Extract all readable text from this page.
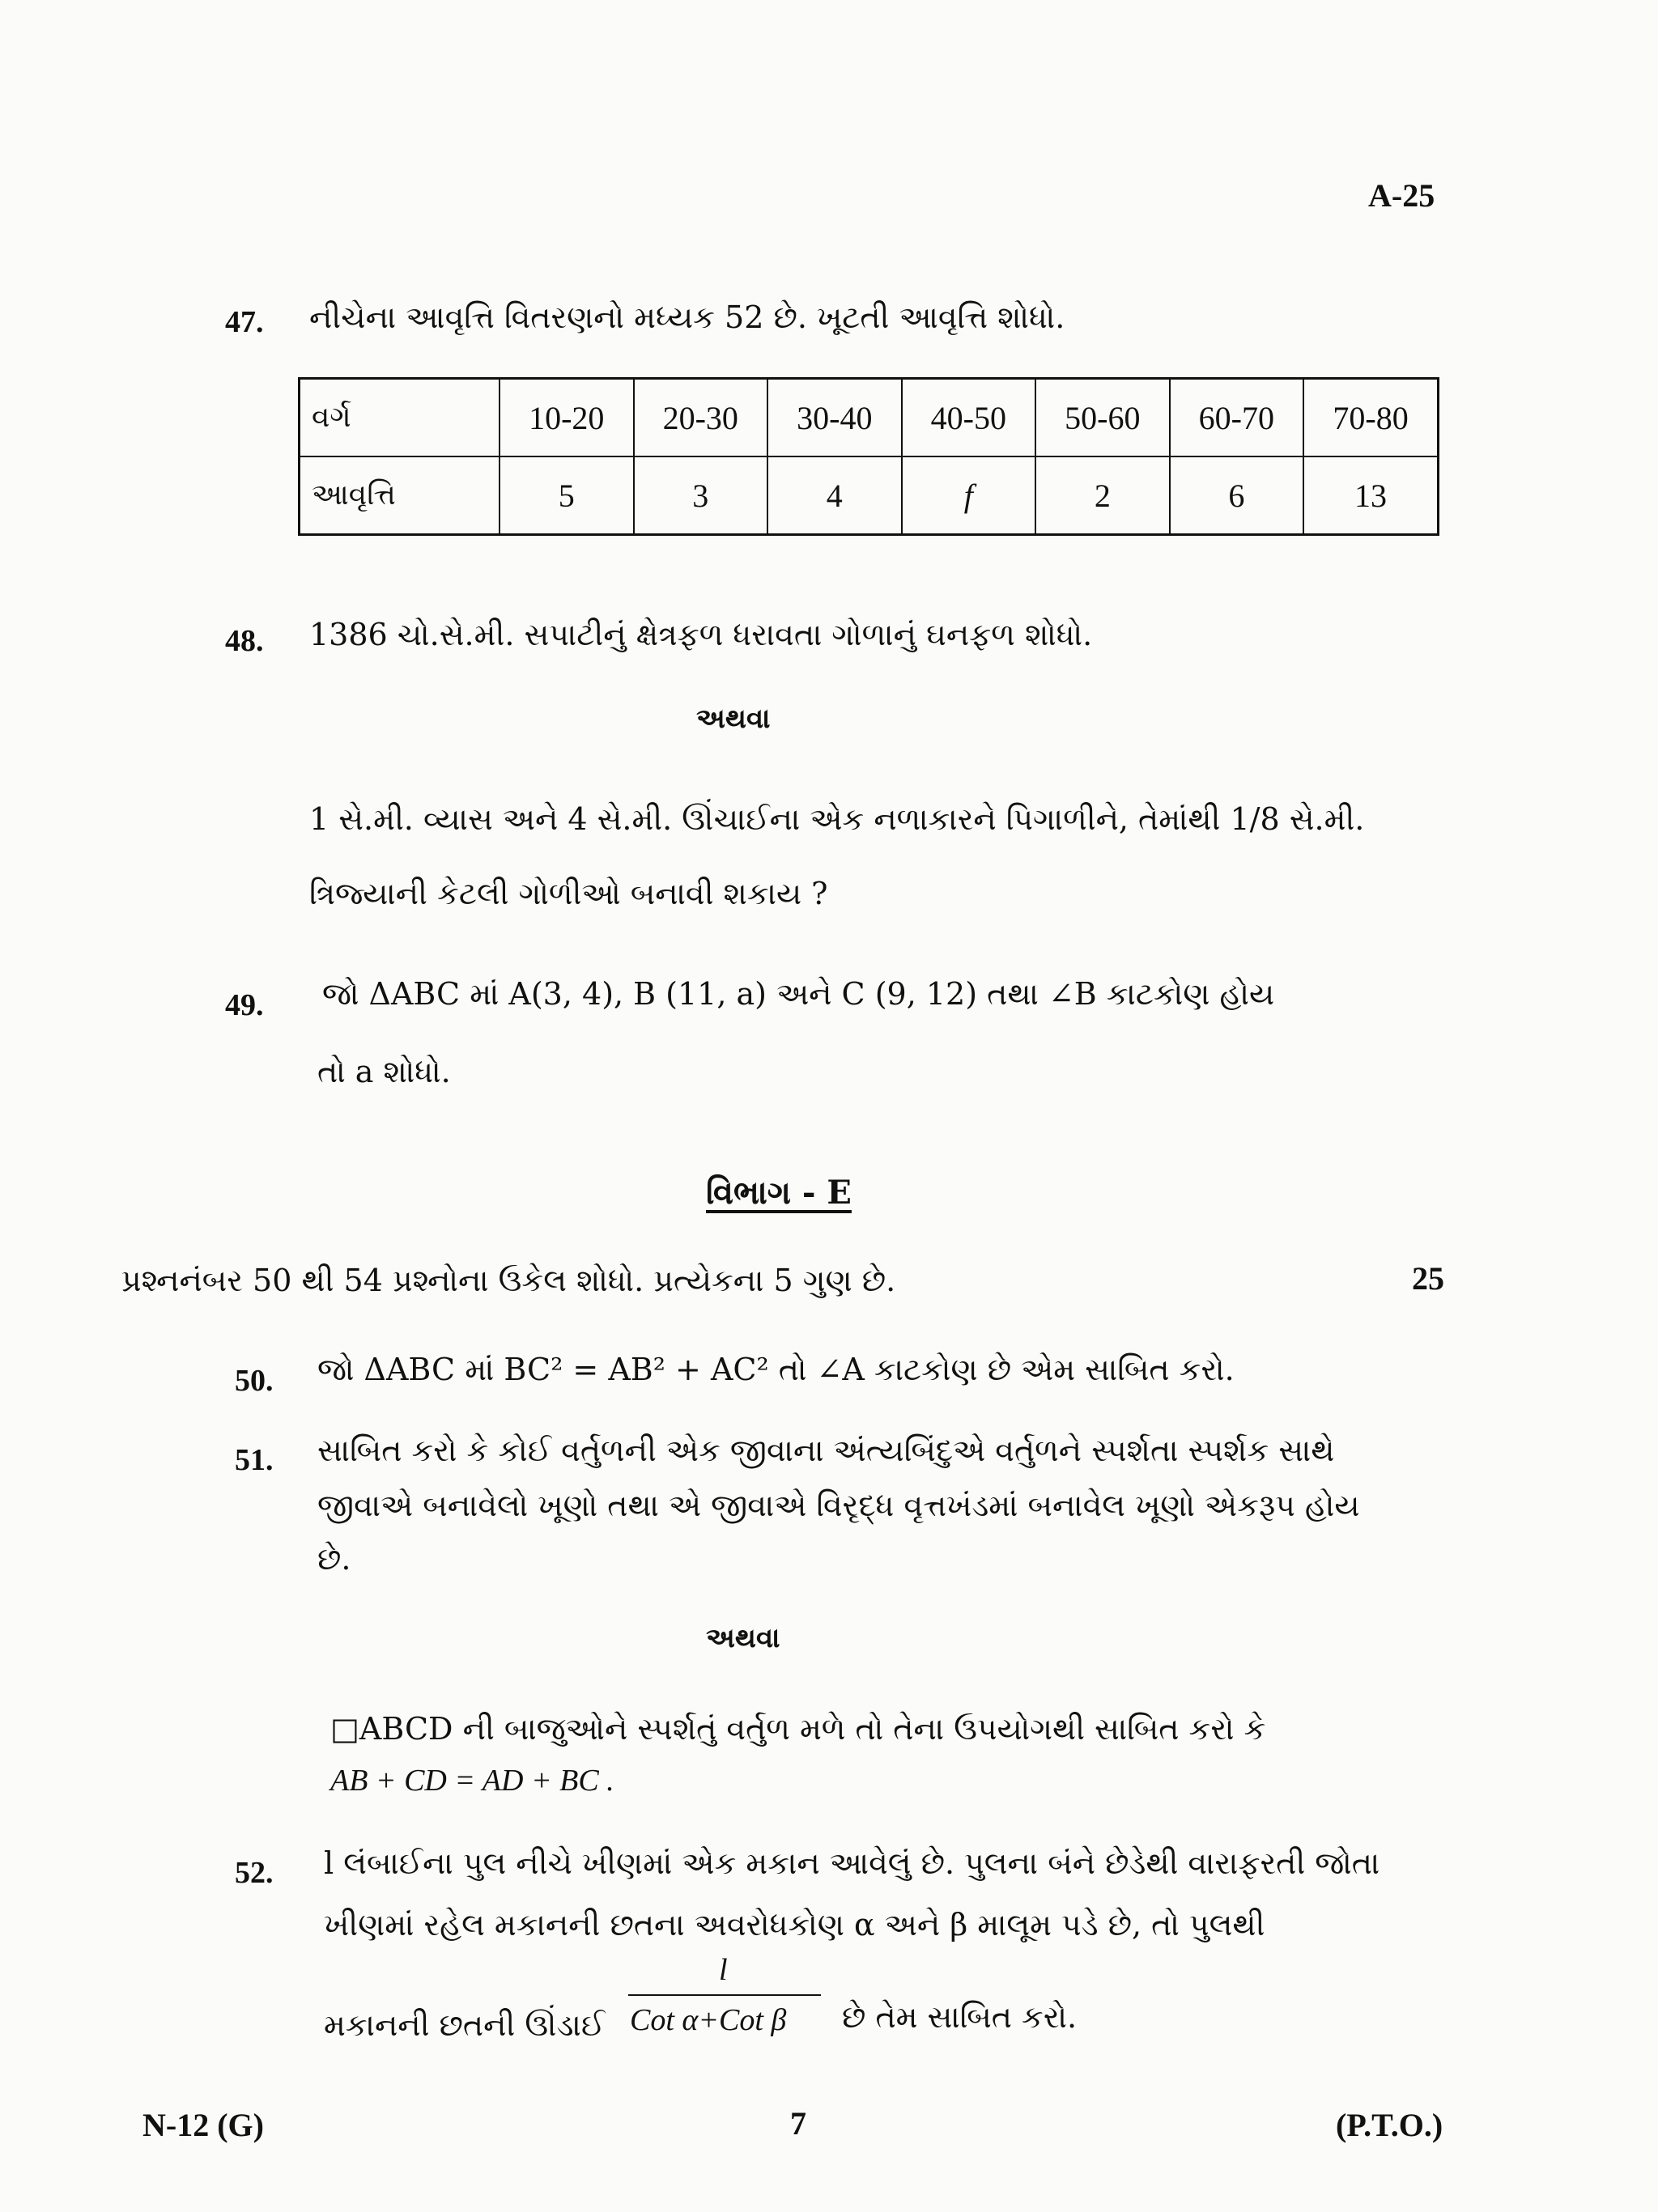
A-25
47. નીચેના આવૃત્તિ વિતરણનો મધ્યક 52 છે. ખૂટતી આવૃત્તિ શોધો.
વર્ગ	10-20	20-30	30-40	40-50	50-60	60-70	70-80
આવૃત્તિ	5	3	4	f	2	6	13
48. 1386 ચો.સે.મી. સપાટીનું ક્ષેત્રફળ ધરાવતા ગોળાનું ઘનફળ શોધો.
અથવા
1 સે.મી. વ્યાસ અને 4 સે.મી. ઊંચાઈના એક નળાકારને પિગાળીને, તેમાંથી 1/8 સે.મી.
ત્રિજ્યાની કેટલી ગોળીઓ બનાવી શકાય ?
49. જો ΔABC માં A(3, 4), B (11, a) અને C (9, 12) તથા ∠B કાટકોણ હોય
તો a શોધો.
વિભાગ - E
પ્રશ્નનંબર 50 થી 54 પ્રશ્નોના ઉકેલ શોધો. પ્રત્યેકના 5 ગુણ છે.	25
50. જો ΔABC માં BC² = AB² + AC² તો ∠A કાટકોણ છે એમ સાબિત કરો.
51. સાબિત કરો કે કોઈ વર્તુળની એક જીવાના અંત્યબિંદુએ વર્તુળને સ્પર્શતા સ્પર્શક સાથે
જીવાએ બનાવેલો ખૂણો તથા એ જીવાએ વિરૃદ્ધ વૃત્તખંડમાં બનાવેલ ખૂણો એકરૂપ હોય
છે.
અથવા
□ABCD ની બાજુઓને સ્પર્શતું વર્તુળ મળે તો તેના ઉપયોગથી સાબિત કરો કે
AB + CD = AD + BC .
52. l લંબાઈના પુલ નીચે ખીણમાં એક મકાન આવેલું છે. પુલના બંને છેડેથી વારાફરતી જોતા
ખીણમાં રહેલ મકાનની છતના અવરોધકોણ α અને β માલૂમ પડે છે, તો પુલથી
મકાનની છતની ઊંડાઈ
l
Cot α+Cot β છે તેમ સાબિત કરો.
N-12 (G)	7	(P.T.O.)
